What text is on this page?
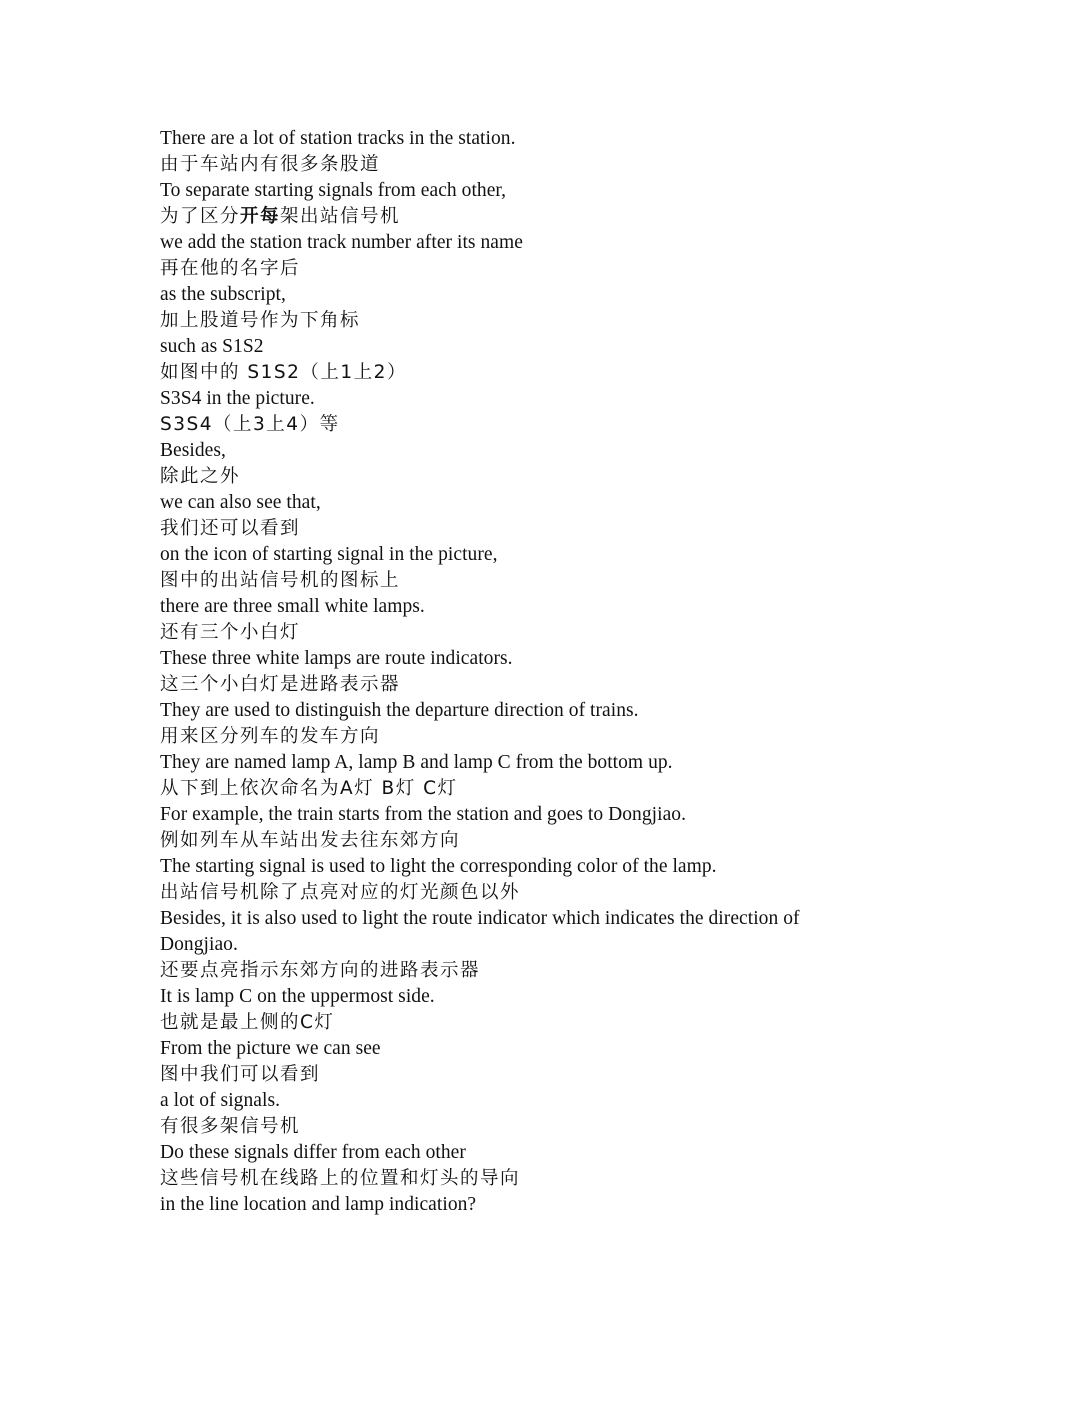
There are a lot of station tracks in the station.
由于车站内有很多条股道
To separate starting signals from each other,
为了区分开每架出站信号机
we add the station track number after its name
再在他的名字后
as the subscript,
加上股道号作为下角标
such as S1S2
如图中的 S1S2（上1上2）
S3S4 in the picture.
S3S4（上3上4）等
Besides,
除此之外
we can also see that,
我们还可以看到
on the icon of starting signal in the picture,
图中的出站信号机的图标上
there are three small white lamps.
还有三个小白灯
These three white lamps are route indicators.
这三个小白灯是进路表示器
They are used to distinguish the departure direction of trains.
用来区分列车的发车方向
They are named lamp A, lamp B and lamp C from the bottom up.
从下到上依次命名为A灯 B灯 C灯
For example, the train starts from the station and goes to Dongjiao.
例如列车从车站出发去往东郊方向
The starting signal is used to light the corresponding color of the lamp.
出站信号机除了点亮对应的灯光颜色以外
Besides, it is also used to light the route indicator which indicates the direction of Dongjiao.
还要点亮指示东郊方向的进路表示器
It is lamp C on the uppermost side.
也就是最上侧的C灯
From the picture we can see
图中我们可以看到
a lot of signals.
有很多架信号机
Do these signals differ from each other
这些信号机在线路上的位置和灯头的导向
in the line location and lamp indication?
